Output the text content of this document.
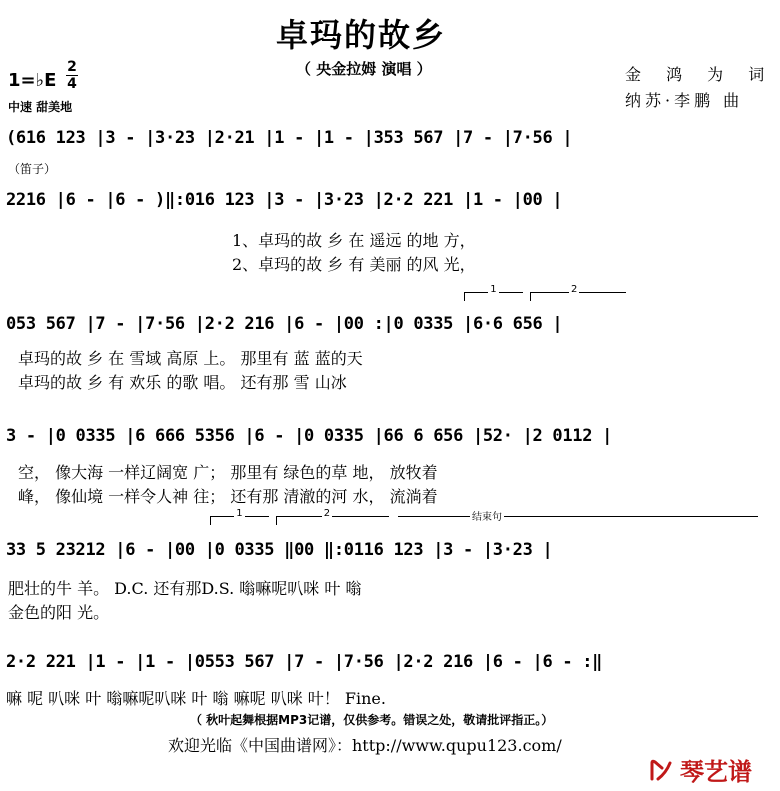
卓玛的故乡
（ 央金拉姆 演唱 ）	金 鸿 为 词
纳苏·李鹏 曲
1=♭E
2
4
中速 甜美地
(616 123 |3 - |3·23 |2·21 |1 - |1 - |353 567 |7 - |7·56 |
（笛子）
2216 |6 - |6 - )‖:016 123 |3 - |3·23 |2·2 221 |1 - |00 |
1、卓玛的故 乡 在 遥远 的地 方，
2、卓玛的故 乡 有 美丽 的风 光，
1	2
053 567 |7 - |7·56 |2·2 216 |6 - |00 :|0 0335 |6·6 656 |
卓玛的故 乡 在 雪域 高原 上。 那里有 蓝 蓝的天
卓玛的故 乡 有 欢乐 的歌 唱。 还有那 雪 山冰
3 - |0 0335 |6 666 5356 |6 - |0 0335 |66 6 656 |52· |2 0112 |
空， 像大海 一样辽阔宽 广； 那里有 绿色的草 地， 放牧着
峰， 像仙境 一样令人神 往； 还有那 清澈的河 水， 流淌着
1	2	结束句
33 5 23212 |6 - |00 |0 0335 ‖00 ‖:0116 123 |3 - |3·23 |
肥壮的牛 羊。 D.C. 还有那D.S. 嗡嘛呢叭咪 叶 嗡
金色的阳 光。
2·2 221 |1 - |1 - |0553 567 |7 - |7·56 |2·2 216 |6 - |6 - :‖
嘛 呢 叭咪 叶 嗡嘛呢叭咪 叶 嗡 嘛呢 叭咪 叶！ Fine.
（ 秋叶起舞根据MP3记谱，仅供参考。错误之处，敬请批评指正。）
欢迎光临《中国曲谱网》：http://www.qupu123.com/
琴艺谱
